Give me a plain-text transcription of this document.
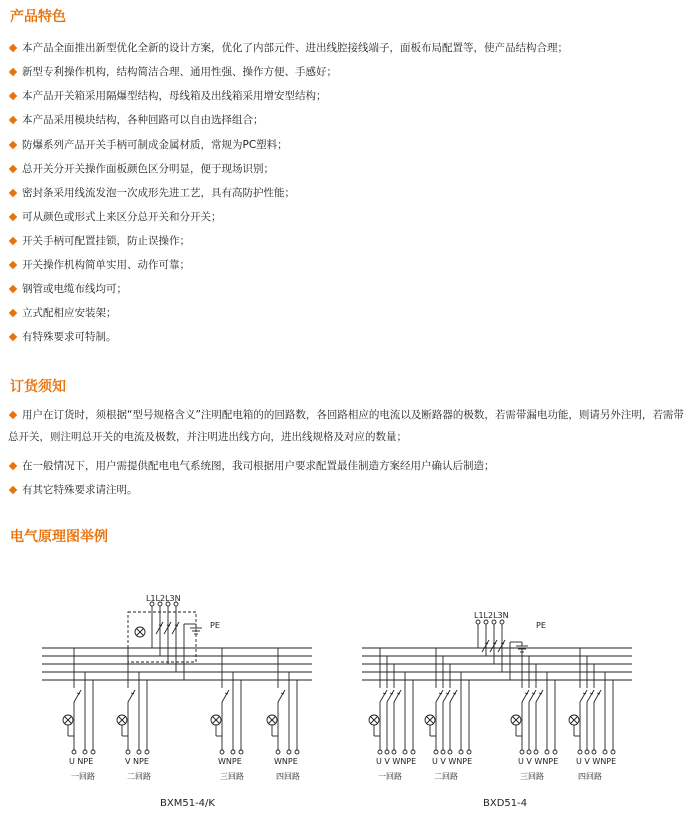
产品特色
本产品全面推出新型优化全新的设计方案，优化了内部元件、进出线腔接线端子，面板布局配置等，使产品结构合理；
新型专利操作机构，结构简洁合理、通用性强、操作方便、手感好；
本产品开关箱采用隔爆型结构，母线箱及出线箱采用增安型结构；
本产品采用模块结构，各种回路可以自由选择组合；
防爆系列产品开关手柄可制成金属材质，常规为PC塑料；
总开关分开关操作面板颜色区分明显，便于现场识别；
密封条采用线流发泡一次成形先进工艺，具有高防护性能；
可从颜色或形式上来区分总开关和分开关；
开关手柄可配置挂锁，防止误操作；
开关操作机构简单实用、动作可靠；
钢管或电缆布线均可；
立式配相应安装架；
有特殊要求可特制。
订货须知
用户在订货时，须根据“型号规格含义”注明配电箱的的回路数，各回路相应的电流以及断路器的极数，若需带漏电功能，则请另外注明，若需带总开关，则注明总开关的电流及极数，并注明进出线方向，进出线规格及对应的数量；
在一般情况下，用户需提供配电电气系统图，我司根据用户要求配置最佳制造方案经用户确认后制造；
有其它特殊要求请注明。
电气原理图举例
L1L2L3N
PE
BXM51-4/K
L1L2L3N
PE
BXD51-4
U NPE
一回路
V NPE
二回路
WNPE
三回路
WNPE
四回路
U V WNPE
一回路
U V WNPE
二回路
U V WNPE
三回路
U V WNPE
四回路
